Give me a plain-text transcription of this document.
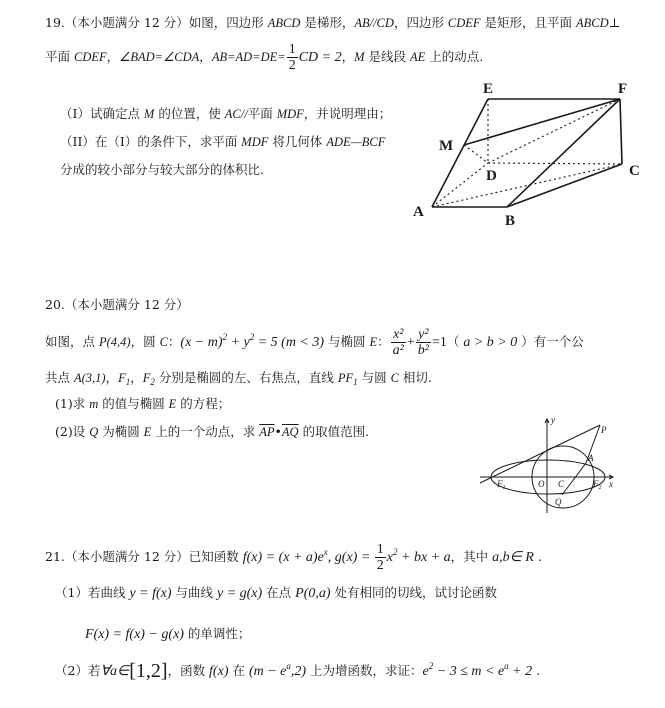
19.（本小题满分 12 分）如图，四边形 ABCD 是梯形，AB//CD，四边形 CDEF 是矩形，且平面 ABCD⊥
平面 CDEF，∠BAD=∠CDA，$AB=AD=DE= \frac{1}{2}$ CD = 2，M 是线段 AE 上的动点.
（I）试确定点 M 的位置，使 AC//平面 MDF，并说明理由；
（II）在（I）的条件下，求平面 MDF 将几何体 ADE—BCF
分成的较小部分与较大部分的体积比.
E	F
M
D	C
A
B
20.（本小题满分 12 分）
如图，点 P(4,4)，圆 C：$(x - m)^2 + y^2 = 5$ (m < 3) 与椭圆 E： $\frac{\text{x²}}{\text{a²}} + \frac{\text{y²}}{\text{b²}} =1$（ a > b > 0 ）有一个公
共点 A(3,1)，$F_1$，$F_2$ 分别是椭圆的左、右焦点，直线 $PF_1$ 与圆 C 相切.
(1)求 m 的值与椭圆 E 的方程；
(2)设 Q 为椭圆 E 上的一个动点，求 $\overline{AP}•\overline{AQ}$ 的取值范围.
y
P
A
$F_1$	O C	$F_2$ x
Q
21.（本小题满分 12 分）已知函数 $f(x) = (x + a)e^x$, $g(x) = \frac{1}{2} x^2$ + bx + a，其中 a,b∈ R .
（1）若曲线 y = f(x) 与曲线 y = g(x) 在点 P(0,a) 处有相同的切线，试讨论函数
F(x) = f(x) − g(x) 的单调性；
（2）若∀a∈[1,2]，函数 f(x) 在 $(m - e^a,2)$ 上为增函数，求证：$e^2 - 3 \le m < e^a + 2$ .
